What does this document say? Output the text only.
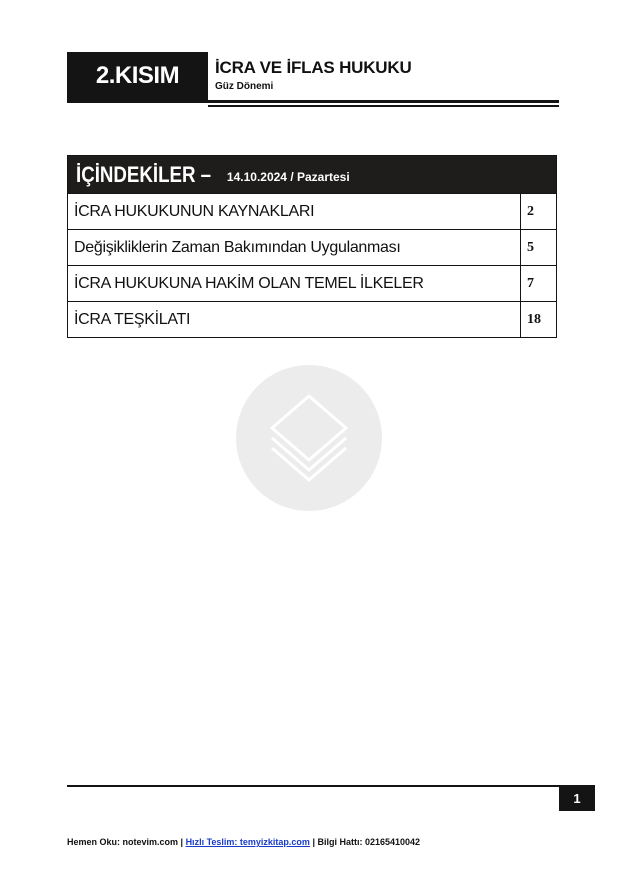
2.KISIM	İCRA VE İFLAS HUKUKU
Güz Dönemi
İÇİNDEKİLER – 14.10.2024 / Pazartesi
İCRA HUKUKUNUN KAYNAKLARI	2
Değişikliklerin Zaman Bakımından Uygulanması	5
İCRA HUKUKUNA HAKİM OLAN TEMEL İLKELER	7
İCRA TEŞKİLATI	18
1
Hemen Oku: notevim.com | Hızlı Teslim: temyizkitap.com | Bilgi Hattı: 02165410042
